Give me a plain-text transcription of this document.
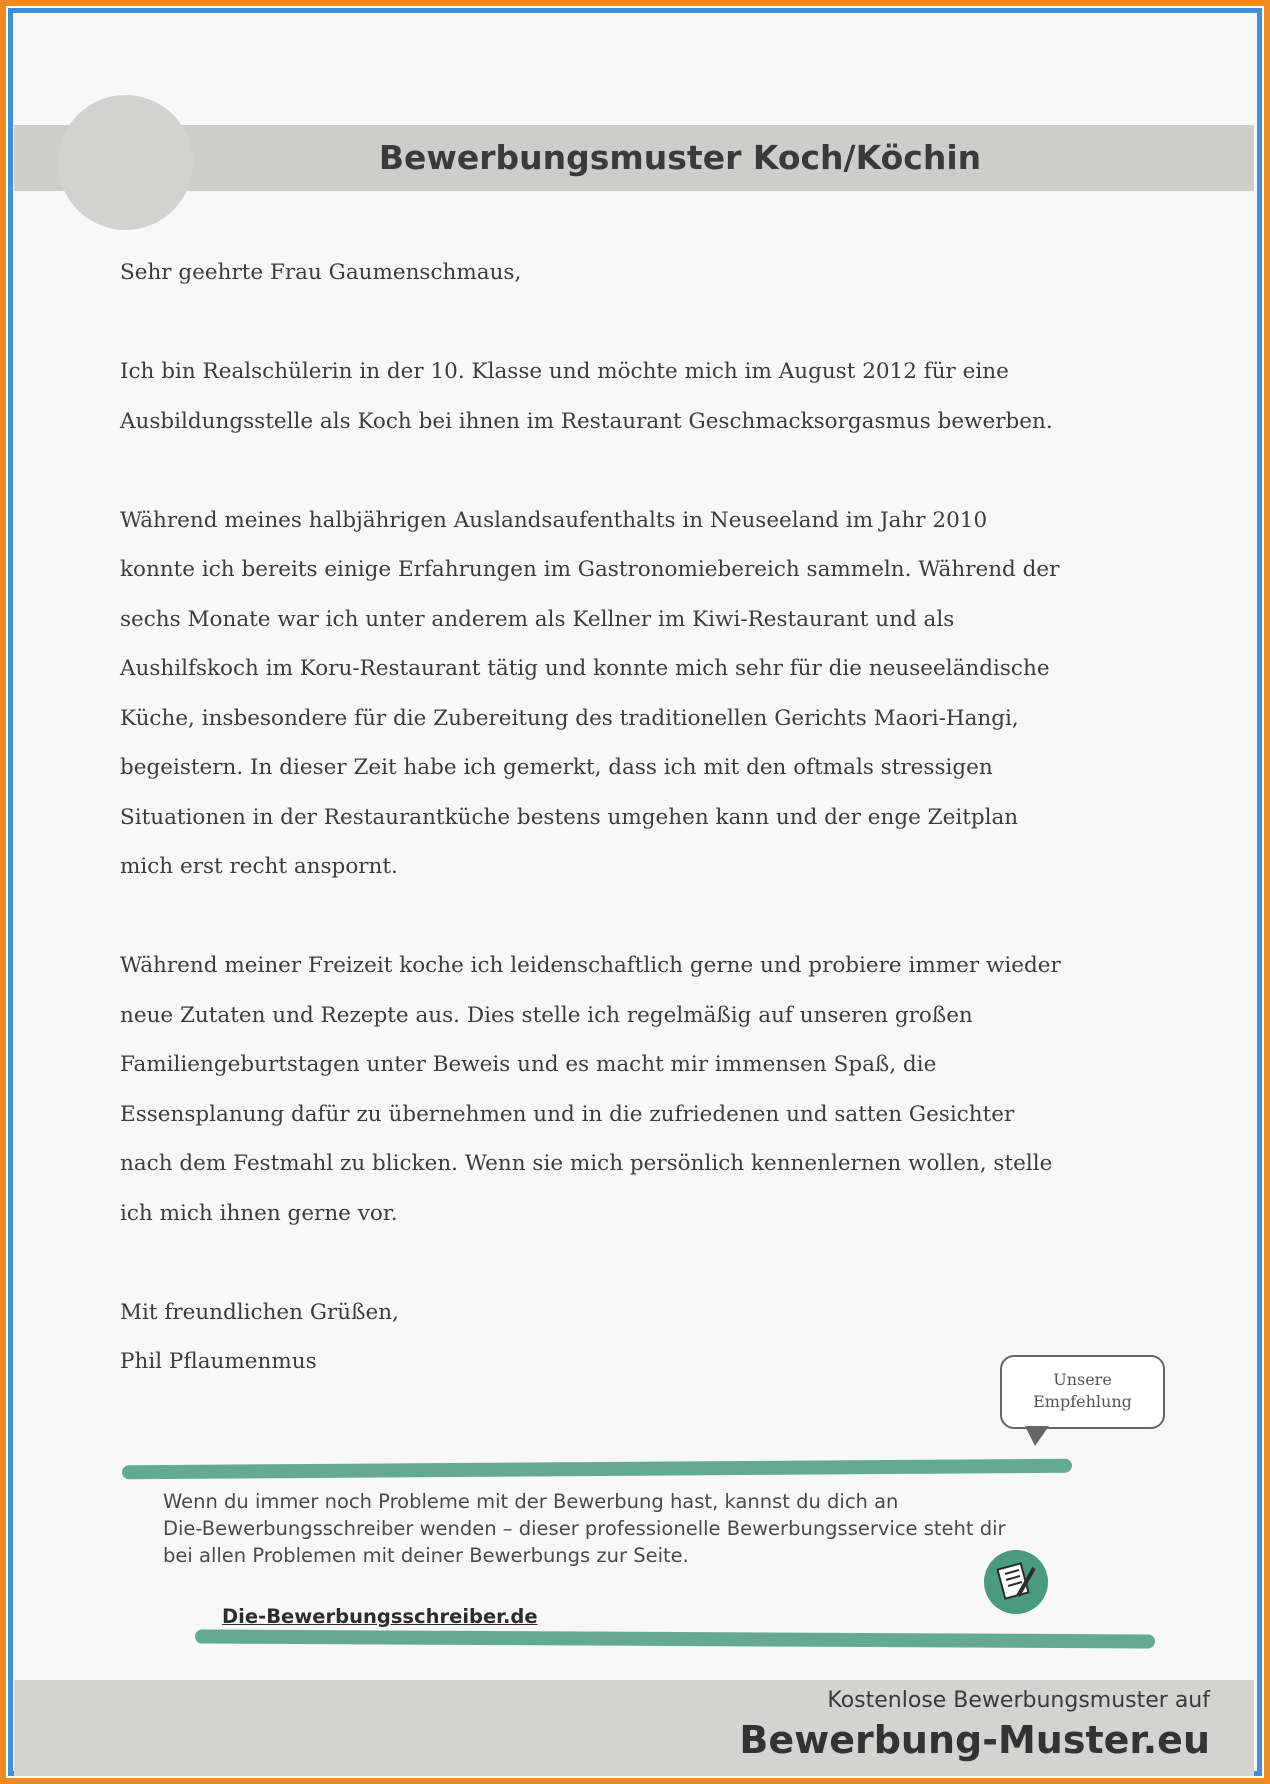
Bewerbungsmuster Koch/Köchin

Sehr geehrte Frau Gaumenschmaus,

Ich bin Realschülerin in der 10. Klasse und möchte mich im August 2012 für eine

Ausbildungsstelle als Koch bei ihnen im Restaurant Geschmacksorgasmus bewerben.

Während meines halbjährigen Auslandsaufenthalts in Neuseeland im Jahr 2010

konnte ich bereits einige Erfahrungen im Gastronomiebereich sammeln. Während der

sechs Monate war ich unter anderem als Kellner im Kiwi-Restaurant und als

Aushilfskoch im Koru-Restaurant tätig und konnte mich sehr für die neuseeländische

Küche, insbesondere für die Zubereitung des traditionellen Gerichts Maori-Hangi,

begeistern. In dieser Zeit habe ich gemerkt, dass ich mit den oftmals stressigen

Situationen in der Restaurantküche bestens umgehen kann und der enge Zeitplan

mich erst recht anspornt.

Während meiner Freizeit koche ich leidenschaftlich gerne und probiere immer wieder

neue Zutaten und Rezepte aus. Dies stelle ich regelmäßig auf unseren großen

Familiengeburtstagen unter Beweis und es macht mir immensen Spaß, die

Essensplanung dafür zu übernehmen und in die zufriedenen und satten Gesichter

nach dem Festmahl zu blicken. Wenn sie mich persönlich kennenlernen wollen, stelle

ich mich ihnen gerne vor.

Mit freundlichen Grüßen,

Phil Pflaumenmus

Unsere
Empfehlung
Wenn du immer noch Probleme mit der Bewerbung hast, kannst du dich an
Die-Bewerbungsschreiber wenden – dieser professionelle Bewerbungsservice steht dir
bei allen Problemen mit deiner Bewerbungs zur Seite.
Die-Bewerbungsschreiber.de
Kostenlose Bewerbungsmuster auf
Bewerbung-Muster.eu
